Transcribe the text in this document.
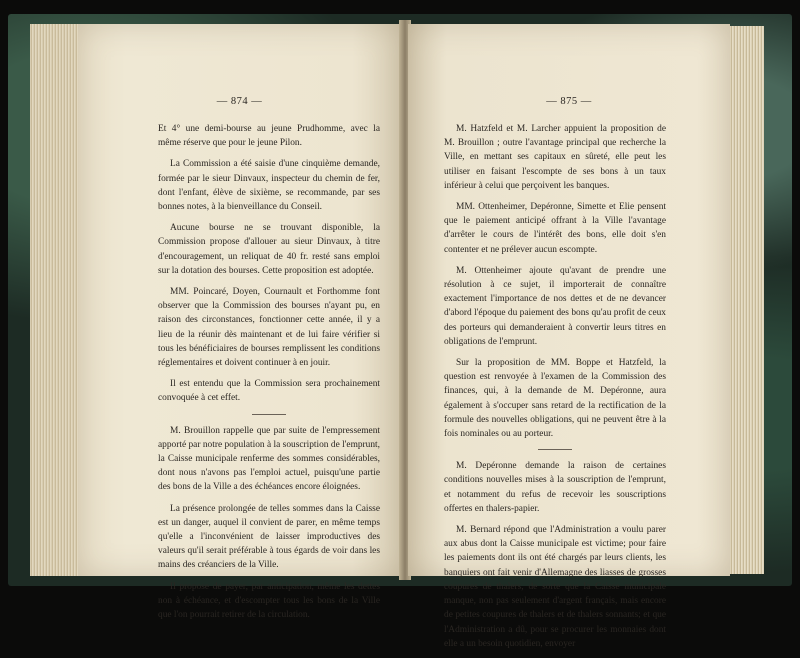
— 874 —

Et 4° une demi-bourse au jeune Prudhomme, avec la même réserve que pour le jeune Pilon.

La Commission a été saisie d'une cinquième demande, formée par le sieur Dinvaux, inspecteur du chemin de fer, dont l'enfant, élève de sixième, se recommande, par ses bonnes notes, à la bienveillance du Conseil.

Aucune bourse ne se trouvant disponible, la Commission propose d'allouer au sieur Dinvaux, à titre d'encouragement, un reliquat de 40 fr. resté sans emploi sur la dotation des bourses. Cette proposition est adoptée.

MM. Poincaré, Doyen, Cournault et Forthomme font observer que la Commission des bourses n'ayant pu, en raison des circonstances, fonctionner cette année, il y a lieu de la réunir dès maintenant et de lui faire vérifier si tous les bénéficiaires de bourses remplissent les conditions réglementaires et doivent continuer à en jouir.

Il est entendu que la Commission sera prochainement convoquée à cet effet.

M. Brouillon rappelle que par suite de l'empressement apporté par notre population à la souscription de l'emprunt, la Caisse municipale renferme des sommes considérables, dont nous n'avons pas l'emploi actuel, puisqu'une partie des bons de la Ville a des échéances encore éloignées.

La présence prolongée de telles sommes dans la Caisse est un danger, auquel il convient de parer, en même temps qu'elle a l'inconvénient de laisser improductives des valeurs qu'il serait préférable à tous égards de voir dans les mains des créanciers de la Ville.

Il propose de payer, par anticipation, même les dettes non à échéance, et d'escompter tous les bons de la Ville que l'on pourrait retirer de la circulation.

— 875 —

M. Hatzfeld et M. Larcher appuient la proposition de M. Brouillon ; outre l'avantage principal que recherche la Ville, en mettant ses capitaux en sûreté, elle peut les utiliser en faisant l'escompte de ses bons à un taux inférieur à celui que perçoivent les banques.

MM. Ottenheimer, Depéronne, Simette et Elie pensent que le paiement anticipé offrant à la Ville l'avantage d'arrêter le cours de l'intérêt des bons, elle doit s'en contenter et ne prélever aucun escompte.

M. Ottenheimer ajoute qu'avant de prendre une résolution à ce sujet, il importerait de connaître exactement l'importance de nos dettes et de ne devancer d'abord l'époque du paiement des bons qu'au profit de ceux des porteurs qui demanderaient à convertir leurs titres en obligations de l'emprunt.

Sur la proposition de MM. Boppe et Hatzfeld, la question est renvoyée à l'examen de la Commission des finances, qui, à la demande de M. Depéronne, aura également à s'occuper sans retard de la rectification de la formule des nouvelles obligations, qui ne peuvent être à la fois nominales ou au porteur.

M. Depéronne demande la raison de certaines conditions nouvelles mises à la souscription de l'emprunt, et notamment du refus de recevoir les souscriptions offertes en thalers-papier.

M. Bernard répond que l'Administration a voulu parer aux abus dont la Caisse municipale est victime; pour faire les paiements dont ils ont été chargés par leurs clients, les banquiers ont fait venir d'Allemagne des liasses de grosses coupures de thalers, de sorte que la Caisse municipale manque, non pas seulement d'argent français, mais encore de petites coupures de thalers et de thalers sonnants; et que l'Administration a dû, pour se procurer les monnaies dont elle a un besoin quotidien, envoyer
